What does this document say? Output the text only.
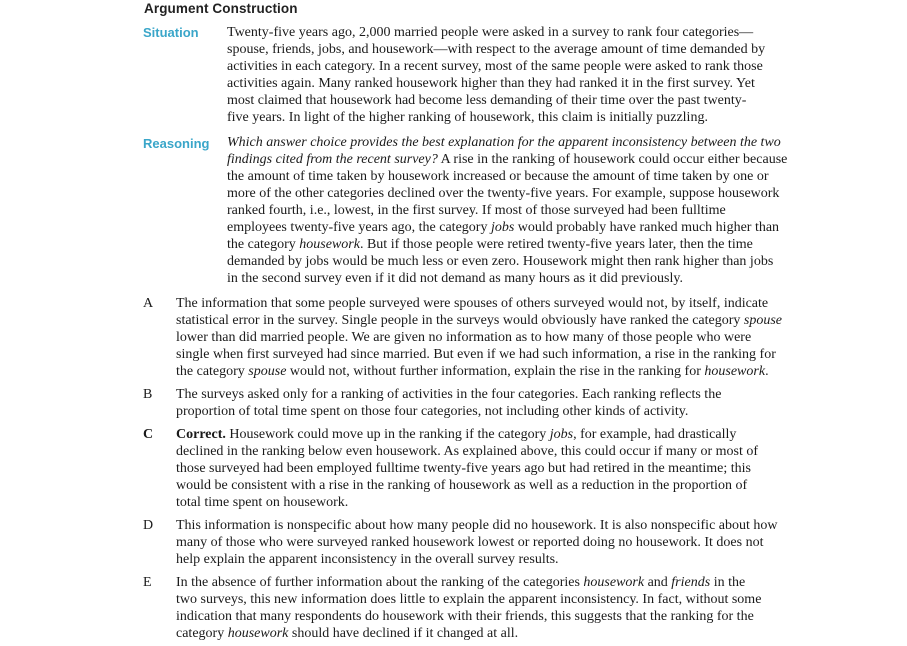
Argument Construction
Situation Twenty-five years ago, 2,000 married people were asked in a survey to rank four categories—
spouse, friends, jobs, and housework—with respect to the average amount of time demanded by
activities in each category. In a recent survey, most of the same people were asked to rank those
activities again. Many ranked housework higher than they had ranked it in the first survey. Yet
most claimed that housework had become less demanding of their time over the past twenty-
five years. In light of the higher ranking of housework, this claim is initially puzzling.
Reasoning Which answer choice provides the best explanation for the apparent inconsistency between the two
findings cited from the recent survey? A rise in the ranking of housework could occur either because
the amount of time taken by housework increased or because the amount of time taken by one or
more of the other categories declined over the twenty-five years. For example, suppose housework
ranked fourth, i.e., lowest, in the first survey. If most of those surveyed had been fulltime
employees twenty-five years ago, the category jobs would probably have ranked much higher than
the category housework. But if those people were retired twenty-five years later, then the time
demanded by jobs would be much less or even zero. Housework might then rank higher than jobs
in the second survey even if it did not demand as many hours as it did previously.
A	The information that some people surveyed were spouses of others surveyed would not, by itself, indicate
statistical error in the survey. Single people in the surveys would obviously have ranked the category spouse
lower than did married people. We are given no information as to how many of those people who were
single when first surveyed had since married. But even if we had such information, a rise in the ranking for
the category spouse would not, without further information, explain the rise in the ranking for housework.
B	The surveys asked only for a ranking of activities in the four categories. Each ranking reflects the
proportion of total time spent on those four categories, not including other kinds of activity.
C	Correct. Housework could move up in the ranking if the category jobs, for example, had drastically
declined in the ranking below even housework. As explained above, this could occur if many or most of
those surveyed had been employed fulltime twenty-five years ago but had retired in the meantime; this
would be consistent with a rise in the ranking of housework as well as a reduction in the proportion of
total time spent on housework.
D	This information is nonspecific about how many people did no housework. It is also nonspecific about how
many of those who were surveyed ranked housework lowest or reported doing no housework. It does not
help explain the apparent inconsistency in the overall survey results.
E	In the absence of further information about the ranking of the categories housework and friends in the
two surveys, this new information does little to explain the apparent inconsistency. In fact, without some
indication that many respondents do housework with their friends, this suggests that the ranking for the
category housework should have declined if it changed at all.
